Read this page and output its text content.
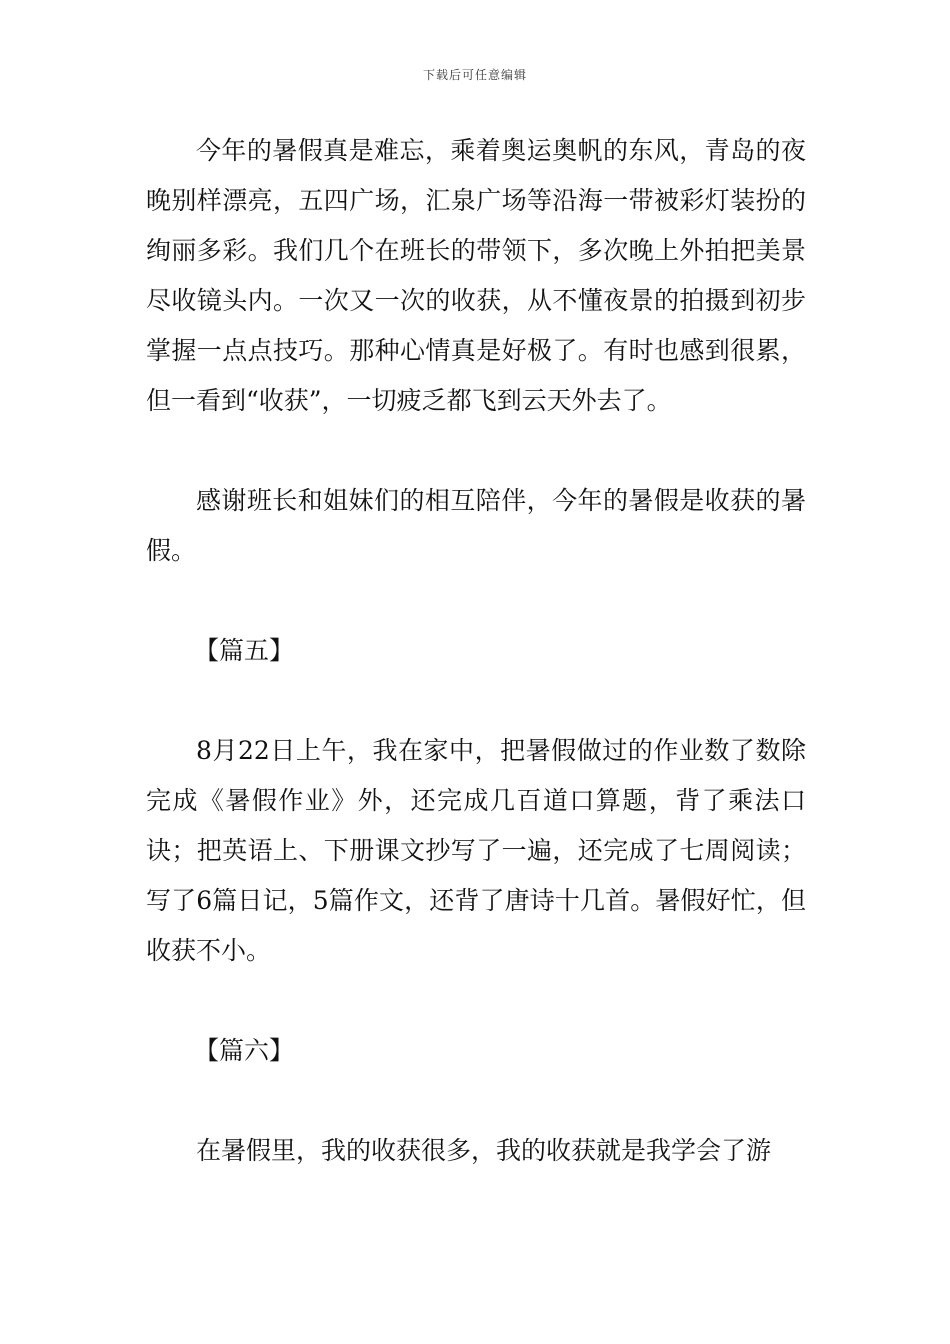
下载后可任意编辑

今年的暑假真是难忘，乘着奥运奥帆的东风，青岛的夜晚别样漂亮，五四广场，汇泉广场等沿海一带被彩灯装扮的绚丽多彩。我们几个在班长的带领下，多次晚上外拍把美景尽收镜头内。一次又一次的收获，从不懂夜景的拍摄到初步掌握一点点技巧。那种心情真是好极了。有时也感到很累，但一看到“收获”，一切疲乏都飞到云天外去了。

感谢班长和姐妹们的相互陪伴，今年的暑假是收获的暑假。

【篇五】

8月22日上午，我在家中，把暑假做过的作业数了数除完成《暑假作业》外，还完成几百道口算题，背了乘法口诀；把英语上、下册课文抄写了一遍，还完成了七周阅读；写了6篇日记，5篇作文，还背了唐诗十几首。暑假好忙，但收获不小。

【篇六】

在暑假里，我的收获很多，我的收获就是我学会了游
